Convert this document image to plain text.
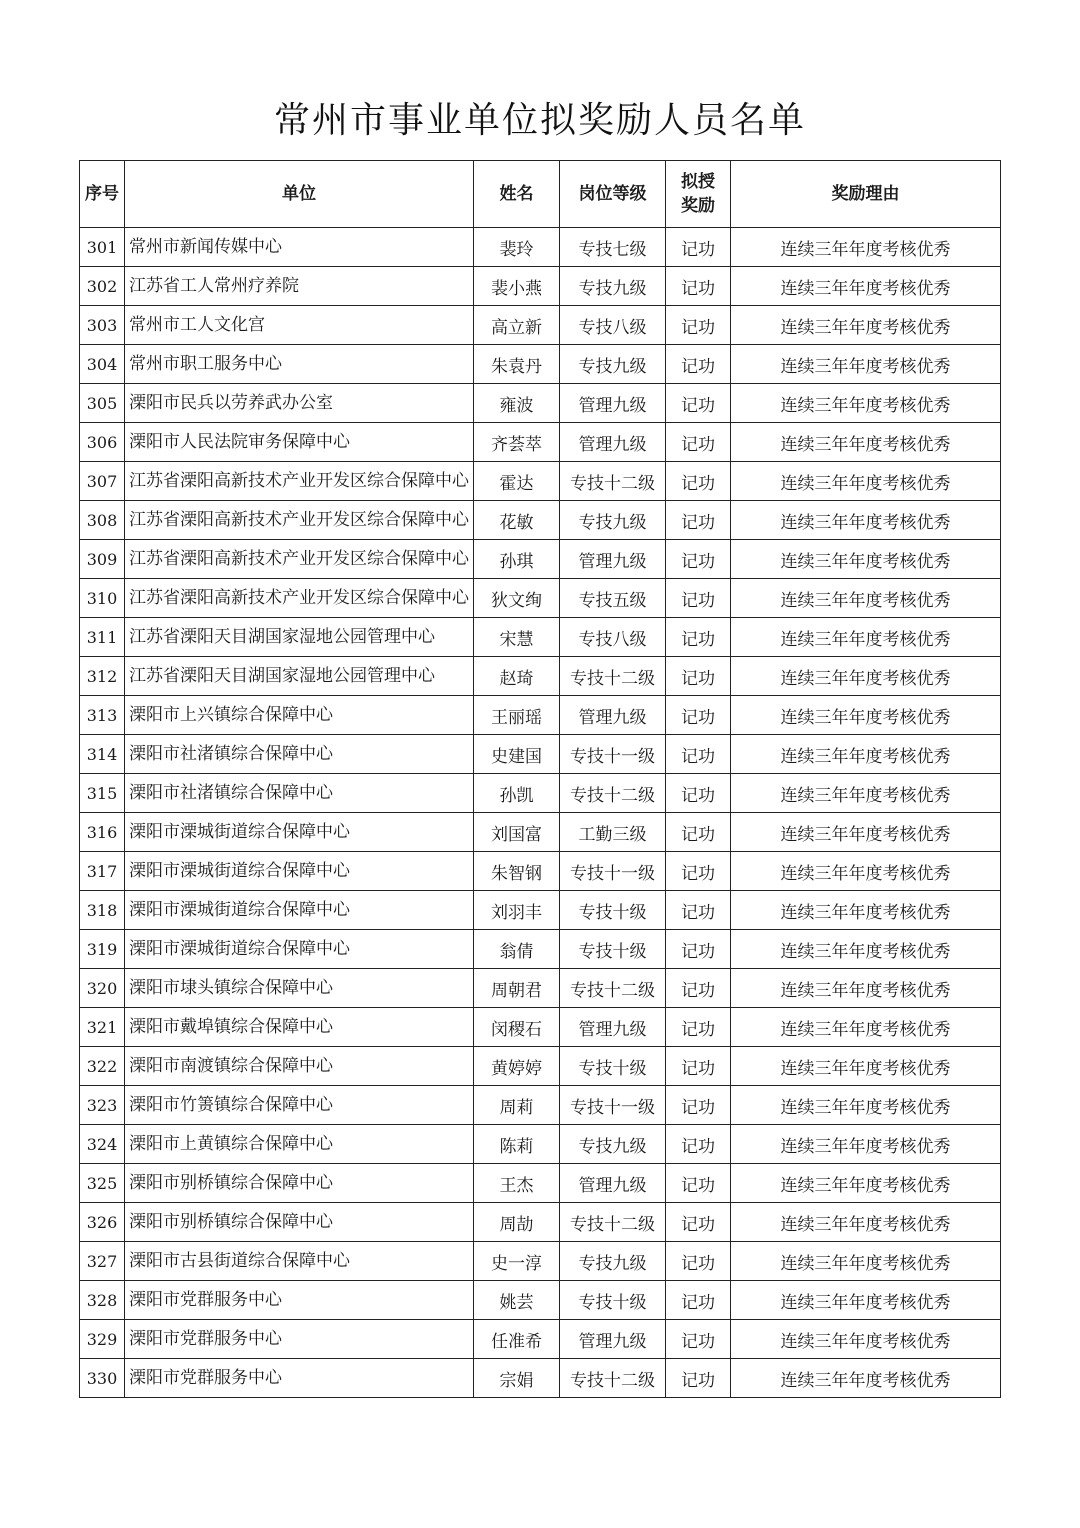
常州市事业单位拟奖励人员名单
序号	单位	姓名	岗位等级	拟授奖励	奖励理由
301	常州市新闻传媒中心	裴玲	专技七级	记功	连续三年年度考核优秀
302	江苏省工人常州疗养院	裴小燕	专技九级	记功	连续三年年度考核优秀
303	常州市工人文化宫	高立新	专技八级	记功	连续三年年度考核优秀
304	常州市职工服务中心	朱袁丹	专技九级	记功	连续三年年度考核优秀
305	溧阳市民兵以劳养武办公室	雍波	管理九级	记功	连续三年年度考核优秀
306	溧阳市人民法院审务保障中心	齐荟萃	管理九级	记功	连续三年年度考核优秀
307	江苏省溧阳高新技术产业开发区综合保障中心	霍达	专技十二级	记功	连续三年年度考核优秀
308	江苏省溧阳高新技术产业开发区综合保障中心	花敏	专技九级	记功	连续三年年度考核优秀
309	江苏省溧阳高新技术产业开发区综合保障中心	孙琪	管理九级	记功	连续三年年度考核优秀
310	江苏省溧阳高新技术产业开发区综合保障中心	狄文绚	专技五级	记功	连续三年年度考核优秀
311	江苏省溧阳天目湖国家湿地公园管理中心	宋慧	专技八级	记功	连续三年年度考核优秀
312	江苏省溧阳天目湖国家湿地公园管理中心	赵琦	专技十二级	记功	连续三年年度考核优秀
313	溧阳市上兴镇综合保障中心	王丽瑶	管理九级	记功	连续三年年度考核优秀
314	溧阳市社渚镇综合保障中心	史建国	专技十一级	记功	连续三年年度考核优秀
315	溧阳市社渚镇综合保障中心	孙凯	专技十二级	记功	连续三年年度考核优秀
316	溧阳市溧城街道综合保障中心	刘国富	工勤三级	记功	连续三年年度考核优秀
317	溧阳市溧城街道综合保障中心	朱智钢	专技十一级	记功	连续三年年度考核优秀
318	溧阳市溧城街道综合保障中心	刘羽丰	专技十级	记功	连续三年年度考核优秀
319	溧阳市溧城街道综合保障中心	翁倩	专技十级	记功	连续三年年度考核优秀
320	溧阳市埭头镇综合保障中心	周朝君	专技十二级	记功	连续三年年度考核优秀
321	溧阳市戴埠镇综合保障中心	闵稷石	管理九级	记功	连续三年年度考核优秀
322	溧阳市南渡镇综合保障中心	黄婷婷	专技十级	记功	连续三年年度考核优秀
323	溧阳市竹箦镇综合保障中心	周莉	专技十一级	记功	连续三年年度考核优秀
324	溧阳市上黄镇综合保障中心	陈莉	专技九级	记功	连续三年年度考核优秀
325	溧阳市别桥镇综合保障中心	王杰	管理九级	记功	连续三年年度考核优秀
326	溧阳市别桥镇综合保障中心	周劼	专技十二级	记功	连续三年年度考核优秀
327	溧阳市古县街道综合保障中心	史一淳	专技九级	记功	连续三年年度考核优秀
328	溧阳市党群服务中心	姚芸	专技十级	记功	连续三年年度考核优秀
329	溧阳市党群服务中心	任准希	管理九级	记功	连续三年年度考核优秀
330	溧阳市党群服务中心	宗娟	专技十二级	记功	连续三年年度考核优秀
